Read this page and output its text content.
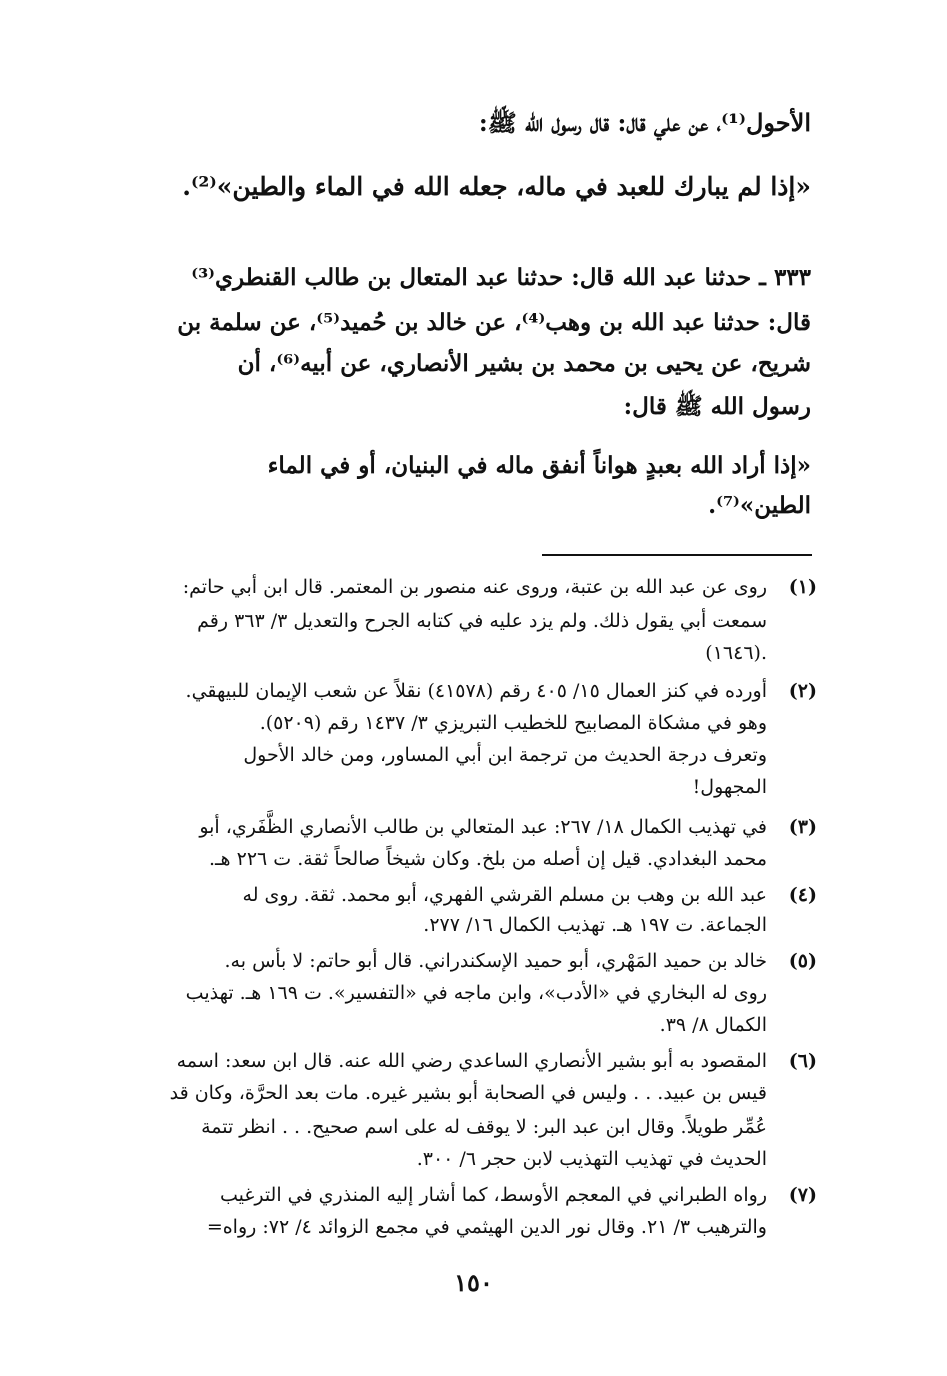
الأحول⁽¹⁾، عن علي قال: قال رسول الله ﷺ:
«إذا لم يبارك للعبد في ماله، جعله الله في الماء والطين»⁽²⁾.
٣٣٣ ـ حدثنا عبد الله قال: حدثنا عبد المتعال بن طالب القنطري⁽³⁾
قال: حدثنا عبد الله بن وهب⁽⁴⁾، عن خالد بن حُميد⁽⁵⁾، عن سلمة بن
شريح، عن يحيى بن محمد بن بشير الأنصاري، عن أبيه⁽⁶⁾، أن
رسول الله ﷺ قال:
«إذا أراد الله بعبدٍ هواناً أنفق ماله في البنيان، أو في الماء
الطين»⁽⁷⁾.
(١)
روى عن عبد الله بن عتبة، وروى عنه منصور بن المعتمر. قال ابن أبي حاتم:
سمعت أبي يقول ذلك. ولم يزد عليه في كتابه الجرح والتعديل ٣/ ٣٦٣ رقم
(١٦٤٦).
(٢)
أورده في كنز العمال ١٥/ ٤٠٥ رقم (٤١٥٧٨) نقلاً عن شعب الإيمان للبيهقي.
وهو في مشكاة المصابيح للخطيب التبريزي ٣/ ١٤٣٧ رقم (٥٢٠٩).
وتعرف درجة الحديث من ترجمة ابن أبي المساور، ومن خالد الأحول
المجهول!
(٣)
في تهذيب الكمال ١٨/ ٢٦٧: عبد المتعالي بن طالب الأنصاري الظَّفَري، أبو
محمد البغدادي. قيل إن أصله من بلخ. وكان شيخاً صالحاً ثقة. ت ٢٢٦ هـ.
(٤)
عبد الله بن وهب بن مسلم القرشي الفهري، أبو محمد. ثقة. روى له
الجماعة. ت ١٩٧ هـ. تهذيب الكمال ١٦/ ٢٧٧.
(٥)
خالد بن حميد المَهْري، أبو حميد الإسكندراني. قال أبو حاتم: لا بأس به.
روى له البخاري في «الأدب»، وابن ماجه في «التفسير». ت ١٦٩ هـ. تهذيب
الكمال ٨/ ٣٩.
(٦)
المقصود به أبو بشير الأنصاري الساعدي رضي الله عنه. قال ابن سعد: اسمه
قيس بن عبيد. . . وليس في الصحابة أبو بشير غيره. مات بعد الحرَّة، وكان قد
عُمِّر طويلاً. وقال ابن عبد البر: لا يوقف له على اسم صحيح. . . انظر تتمة
الحديث في تهذيب التهذيب لابن حجر ٦/ ٣٠٠.
(٧)
رواه الطبراني في المعجم الأوسط، كما أشار إليه المنذري في الترغيب
والترهيب ٣/ ٢١. وقال نور الدين الهيثمي في مجمع الزوائد ٤/ ٧٢: رواه=
١٥٠
